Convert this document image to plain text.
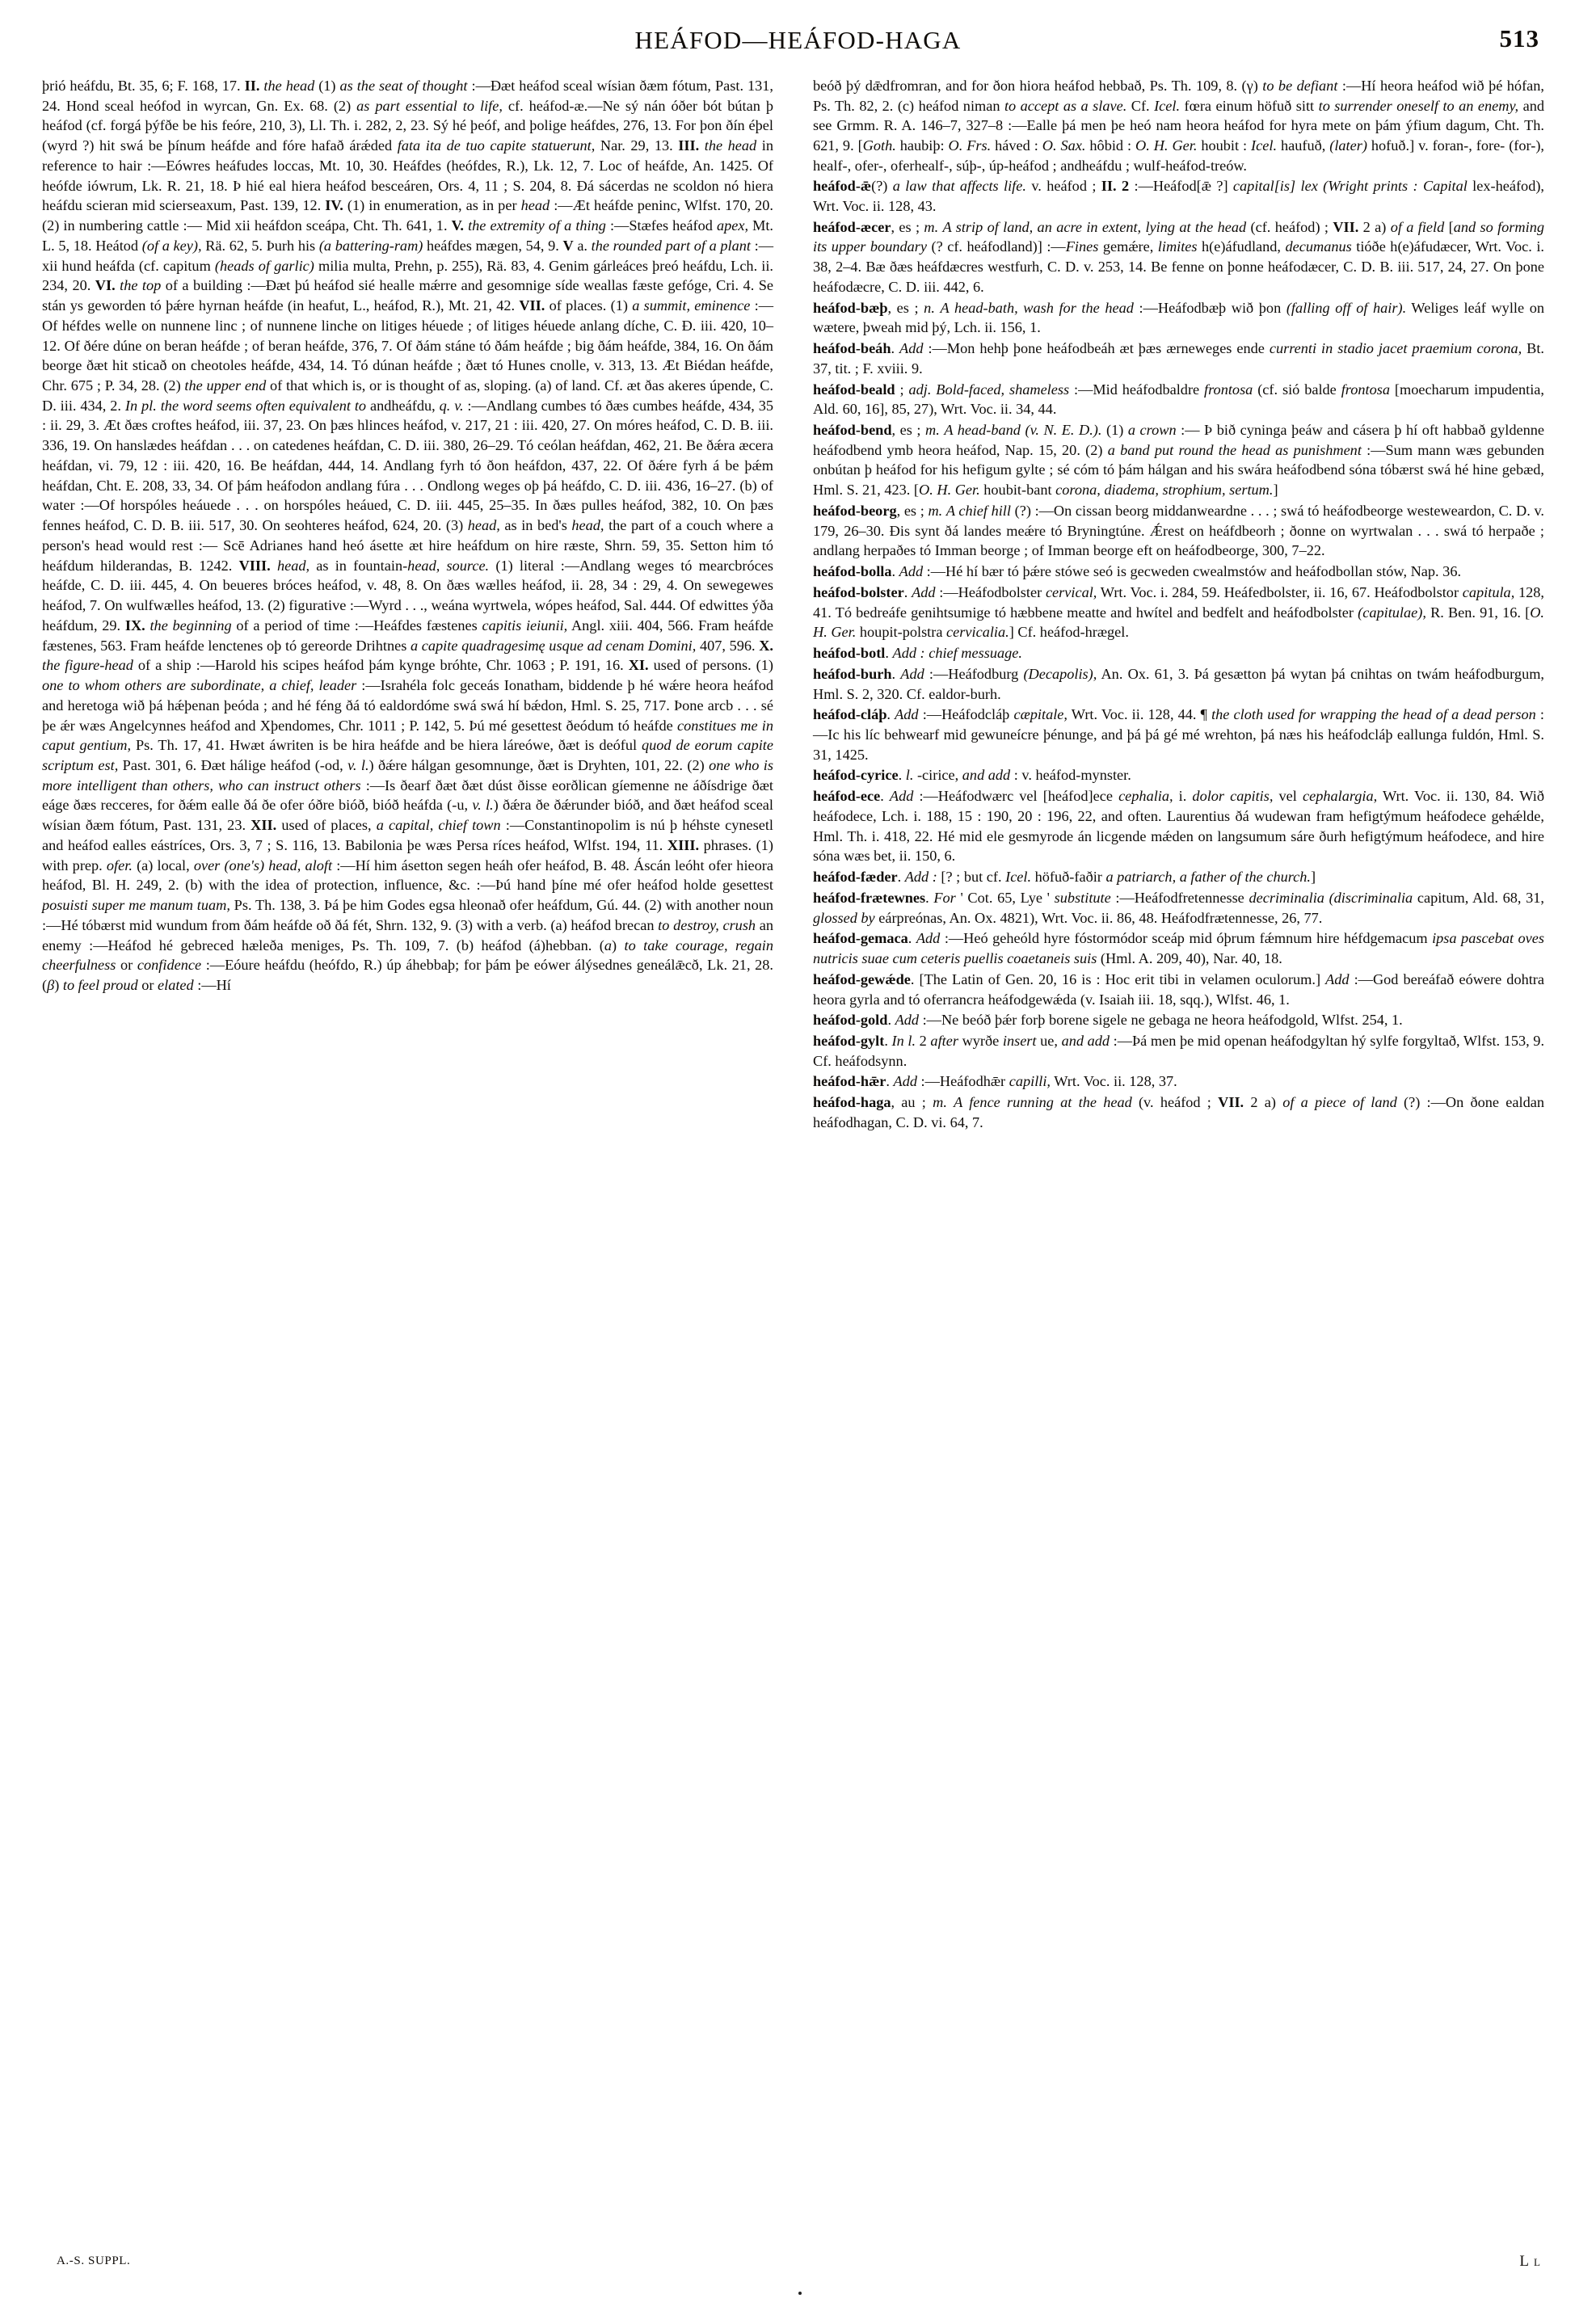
HEÁFOD—HEÁFOD-HAGA	513
þrió heáfdu, Bt. 35, 6; F. 168, 17. II. the head (1) as the seat of thought :—Ðæt heáfod sceal wísian ðæm fótum, Past. 131, 24. Hond sceal heófod in wyrcan, Gn. Ex. 68. (2) as part essential to life, cf. heáfod-æ.—Ne sý nán óðer bót bútan þ heáfod (cf. forgá þýfðe be his feóre, 210, 3), Ll. Th. i. 282, 2, 23. Sý hé þeóf, and þolige heáfdes, 276, 13. For þon ðín éþel (wyrd ?) hit swá be þínum heáfde and fóre hafað árǽded fata ita de tuo capite statuerunt, Nar. 29, 13. III. the head in reference to hair :—Eówres heáfudes loccas, Mt. 10, 30. Heáfdes (heófdes, R.), Lk. 12, 7. Loc of heáfde, An. 1425. Of heófde iówrum, Lk. R. 21, 18. Þ hié eal hiera heáfod besceáren, Ors. 4, 11 ; S. 204, 8. Ðá sácerdas ne scoldon nó hiera heáfdu scieran mid scierseaxum, Past. 139, 12. IV. (1) in enumeration, as in per head :—Æt heáfde peninc, Wlfst. 170, 20. (2) in numbering cattle :— Mid xii heáfdon sceápa, Cht. Th. 641, 1. V. the extremity of a thing :—Stæfes heáfod apex, Mt. L. 5, 18. Heátod (of a key), Rä. 62, 5. Þurh his (a battering-ram) heáfdes mægen, 54, 9. V a. the rounded part of a plant :—xii hund heáfda (cf. capitum (heads of garlic) milia multa, Prehn, p. 255), Rä. 83, 4. Genim gárleáces þreó heáfdu, Lch. ii. 234, 20. VI. the top of a building :—Ðæt þú heáfod sié healle mǽrre and gesomnige síde weallas fæste gefóge, Cri. 4. Se stán ys geworden tó þǽre hyrnan heáfde (in heafut, L., heáfod, R.), Mt. 21, 42. VII. of places. (1) a summit, eminence :—Of héfdes welle on nunnene linc ; of nunnene linche on litiges héuede ; of litiges héuede anlang díche, C. Ð. iii. 420, 10–12. Of ðére dúne on beran heáfde ; of beran heáfde, 376, 7. Of ðám stáne tó ðám heáfde ; big ðám heáfde, 384, 16. On ðám beorge ðæt hit sticað on cheotoles heáfde, 434, 14. Tó dúnan heáfde ; ðæt tó Hunes cnolle, v. 313, 13. Æt Biédan heáfde, Chr. 675 ; P. 34, 28. (2) the upper end of that which is, or is thought of as, sloping. (a) of land. Cf. æt ðas akeres úpende, C. D. iii. 434, 2. In pl. the word seems often equivalent to andheáfdu, q. v. :—Andlang cumbes tó ðæs cumbes heáfde, 434, 35 : ii. 29, 3. Æt ðæs croftes heáfod, iii. 37, 23. On þæs hlinces heáfod, v. 217, 21 : iii. 420, 27. On móres heáfod, C. D. B. iii. 336, 19. On hanslædes heáfdan . . . on catedenes heáfdan, C. D. iii. 380, 26–29. Tó ceólan heáfdan, 462, 21. Be ðǽra æcera heáfdan, vi. 79, 12 : iii. 420, 16. Be heáfdan, 444, 14. Andlang fyrh tó ðon heáfdon, 437, 22. Of ðǽre fyrh á be þǽm heáfdan, Cht. E. 208, 33, 34. Of þám heáfodon andlang fúra . . . Ondlong weges oþ þá heáfdo, C. D. iii. 436, 16–27. (b) of water :—Of horspóles heáuede . . . on horspóles heáued, C. D. iii. 445, 25–35. In ðæs pulles heáfod, 382, 10. On þæs fennes heáfod, C. D. B. iii. 517, 30. On seohteres heáfod, 624, 20. (3) head, as in bed's head, the part of a couch where a person's head would rest :— Scē Adrianes hand heó ásette æt hire heáfdum on hire ræste, Shrn. 59, 35. Setton him tó heáfdum hilderandas, B. 1242. VIII. head, as in fountain-head, source. (1) literal :—Andlang weges tó mearcbróces heáfde, C. D. iii. 445, 4. On beueres bróces heáfod, v. 48, 8. On ðæs wælles heáfod, ii. 28, 34 : 29, 4. On sewegewes heáfod, 7. On wulfwælles heáfod, 13. (2) figurative :—Wyrd . . ., weána wyrtwela, wópes heáfod, Sal. 444. Of edwittes ýða heáfdum, 29. IX. the beginning of a period of time :—Heáfdes fæstenes capitis ieiunii, Angl. xiii. 404, 566. Fram heáfde fæstenes, 563. Fram heáfde lenctenes oþ tó gereorde Drihtnes a capite quadragesimę usque ad cenam Domini, 407, 596. X. the figure-head of a ship :—Harold his scipes heáfod þám kynge bróhte, Chr. 1063 ; P. 191, 16. XI. used of persons. (1) one to whom others are subordinate, a chief, leader :—Israhéla folc geceás Ionatham, biddende þ hé wǽre heora heáfod and heretoga wið þá hǽþenan þeóda ; and hé féng ðá tó ealdordóme swá swá hí bǽdon, Hml. S. 25, 717. Þone arcb . . . sé þe ǽr wæs Angelcynnes heáfod and Xþendomes, Chr. 1011 ; P. 142, 5. Þú mé gesettest ðeódum tó heáfde constitues me in caput gentium, Ps. Th. 17, 41. Hwæt áwriten is be hira heáfde and be hiera láreówe, ðæt is deóful quod de eorum capite scriptum est, Past. 301, 6. Ðæt hálige heáfod (-od, v. l.) ðǽre hálgan gesomnunge, ðæt is Dryhten, 101, 22. (2) one who is more intelligent than others, who can instruct others :—Is ðearf ðæt ðæt dúst ðisse eorðlican gíemenne ne áðísdrige ðæt eáge ðæs recceres, for ðǽm ealle ðá ðe ofer óðre bióð, bióð heáfda (-u, v. l.) ðǽra ðe ðǽrunder bióð, and ðæt heáfod sceal wísian ðæm fótum, Past. 131, 23. XII. used of places, a capital, chief town :—Constantinopolim is nú þ héhste cynesetl and heáfod ealles eástríces, Ors. 3, 7 ; S. 116, 13. Babilonia þe wæs Persa ríces heáfod, Wlfst. 194, 11. XIII. phrases. (1) with prep. ofer. (a) local, over (one's) head, aloft :—Hí him ásetton segen heáh ofer heáfod, B. 48. Áscán leóht ofer hieora heáfod, Bl. H. 249, 2. (b) with the idea of protection, influence, &c. :—Þú hand þíne mé ofer heáfod holde gesettest posuisti super me manum tuam, Ps. Th. 138, 3. Þá þe him Godes egsa hleonað ofer heáfdum, Gú. 44. (2) with another noun :—Hé tóbærst mid wundum from ðám heáfde oð ðá fét, Shrn. 132, 9. (3) with a verb. (a) heáfod brecan to destroy, crush an enemy :—Heáfod hé gebreced hæleða meniges, Ps. Th. 109, 7. (b) heáfod (á)hebban. (a) to take courage, regain cheerfulness or confidence :—Eóure heáfdu (heófdo, R.) úp áhebbaþ; for þám þe eówer álýsednes geneálǣcð, Lk. 21, 28. (β) to feel proud or elated :—Hí
beóð þý dǣdfromran, and for ðon hiora heáfod hebbað, Ps. Th. 109, 8. (γ) to be defiant :—Hí heora heáfod wið þé hófan, Ps. Th. 82, 2. (c) heáfod niman to accept as a slave. Cf. Icel. fœra einum höfuð sitt to surrender oneself to an enemy, and see Grmm. R. A. 146–7, 327–8 :—Ealle þá men þe heó nam heora heáfod for hyra mete on þám ýfium dagum, Cht. Th. 621, 9. [Goth. haubiþ: O. Frs. háved : O. Sax. hôbid : O. H. Ger. houbit : Icel. haufuð, (later) hofuð.] v. foran-, fore- (for-), healf-, ofer-, oferhealf-, súþ-, úp-heáfod ; andheáfdu ; wulf-heáfod-treów.
heáfod-ǣ(?) a law that affects life. v. heáfod ; II. 2 :—Heáfod[ǣ ?] capital[is] lex (Wright prints : Capital lex-heáfod), Wrt. Voc. ii. 128, 43.
heáfod-æcer, es ; m. A strip of land, an acre in extent, lying at the head (cf. heáfod) ; VII. 2 a) of a field [and so forming its upper boundary (? cf. heáfodland)] :—Fines gemǽre, limites h(e)áfudland, decumanus tióðe h(e)áfudæcer, Wrt. Voc. i. 38, 2–4. Bæ ðæs heáfdæcres westfurh, C. D. v. 253, 14. Be fenne on þonne heáfodæcer, C. D. B. iii. 517, 24, 27. On þone heáfodæcre, C. D. iii. 442, 6.
heáfod-bæþ, es ; n. A head-bath, wash for the head :—Heáfodbæþ wið þon (falling off of hair). Weliges leáf wylle on wætere, þweah mid þý, Lch. ii. 156, 1.
heáfod-beáh. Add :—Mon hehþ þone heáfodbeáh æt þæs ærneweges ende currenti in stadio jacet praemium corona, Bt. 37, tit. ; F. xviii. 9.
heáfod-beald ; adj. Bold-faced, shameless :—Mid heáfodbaldre frontosa (cf. sió balde frontosa [moecharum impudentia, Ald. 60, 16], 85, 27), Wrt. Voc. ii. 34, 44.
heáfod-bend, es ; m. A head-band (v. N. E. D.). (1) a crown :— Þ bið cyninga þeáw and cásera þ hí oft habbað gyldenne heáfodbend ymb heora heáfod, Nap. 15, 20. (2) a band put round the head as punishment :—Sum mann wæs gebunden onbútan þ heáfod for his hefigum gylte ; sé cóm tó þám hálgan and his swára heáfodbend sóna tóbærst swá hé hine gebæd, Hml. S. 21, 423. [O. H. Ger. houbit-bant corona, diadema, strophium, sertum.]
heáfod-beorg, es ; m. A chief hill (?) :—On cissan beorg middanweardne . . . ; swá tó heáfodbeorge westeweardon, C. D. v. 179, 26–30. Ðis synt ðá landes meǽre tó Bryningtúne. Ǽrest on heáfdbeorh ; ðonne on wyrtwalan . . . swá tó herpaðe ; andlang herpaðes tó Imman beorge ; of Imman beorge eft on heáfodbeorge, 300, 7–22.
heáfod-bolla. Add :—Hé hí bær tó þǽre stówe seó is gecweden cwealmstów and heáfodbollan stów, Nap. 36.
heáfod-bolster. Add :—Heáfodbolster cervical, Wrt. Voc. i. 284, 59. Heáfedbolster, ii. 16, 67. Heáfodbolstor capitula, 128, 41. Tó bedreáfe genihtsumige tó hæbbene meatte and hwítel and bedfelt and heáfodbolster (capitulae), R. Ben. 91, 16. [O. H. Ger. houpit-polstra cervicalia.] Cf. heáfod-hrægel.
heáfod-botl. Add : chief messuage.
heáfod-burh. Add :—Heáfodburg (Decapolis), An. Ox. 61, 3. Þá gesætton þá wytan þá cnihtas on twám heáfodburgum, Hml. S. 2, 320. Cf. ealdor-burh.
heáfod-cláþ. Add :—Heáfodcláþ cæpitale, Wrt. Voc. ii. 128, 44. ¶ the cloth used for wrapping the head of a dead person :—Ic his líc behwearf mid gewuneícre þénunge, and þá þá gé mé wrehton, þá næs his heáfodcláþ eallunga fuldón, Hml. S. 31, 1425.
heáfod-cyrice. l. -cirice, and add : v. heáfod-mynster.
heáfod-ece. Add :—Heáfodwærc vel [heáfod]ece cephalia, i. dolor capitis, vel cephalargia, Wrt. Voc. ii. 130, 84. Wið heáfodece, Lch. i. 188, 15 : 190, 20 : 196, 22, and often. Laurentius ðá wudewan fram hefigtýmum heáfodece gehǽlde, Hml. Th. i. 418, 22. Hé mid ele gesmyrode án licgende mǽden on langsumum sáre ðurh hefigtýmum heáfodece, and hire sóna wæs bet, ii. 150, 6.
heáfod-fæder. Add : [? ; but cf. Icel. höfuð-faðir a patriarch, a father of the church.]
heáfod-frætewnes. For ' Cot. 65, Lye ' substitute :—Heáfodfretennesse decriminalia (discriminalia capitum, Ald. 68, 31, glossed by eárpreónas, An. Ox. 4821), Wrt. Voc. ii. 86, 48. Heáfodfrætennesse, 26, 77.
heáfod-gemaca. Add :—Heó geheóld hyre fóstormódor sceáp mid óþrum fǽmnum hire héfdgemacum ipsa pascebat oves nutricis suae cum ceteris puellis coaetaneis suis (Hml. A. 209, 40), Nar. 40, 18.
heáfod-gewǽde. [The Latin of Gen. 20, 16 is : Hoc erit tibi in velamen oculorum.] Add :—God bereáfað eówere dohtra heora gyrla and tó oferrancra heáfodgewǽda (v. Isaiah iii. 18, sqq.), Wlfst. 46, 1.
heáfod-gold. Add :—Ne beóð þǽr forþ borene sigele ne gebaga ne heora heáfodgold, Wlfst. 254, 1.
heáfod-gylt. In l. 2 after wyrðe insert ue, and add :—Þá men þe mid openan heáfodgyltan hý sylfe forgyltað, Wlfst. 153, 9. Cf. heáfodsynn.
heáfod-hǣr. Add :—Heáfodhǣr capilli, Wrt. Voc. ii. 128, 37.
heáfod-haga, au ; m. A fence running at the head (v. heáfod ; VII. 2 a) of a piece of land (?) :—On ðone ealdan heáfodhagan, C. D. vi. 64, 7.
A.-S. SUPPL.	L l
